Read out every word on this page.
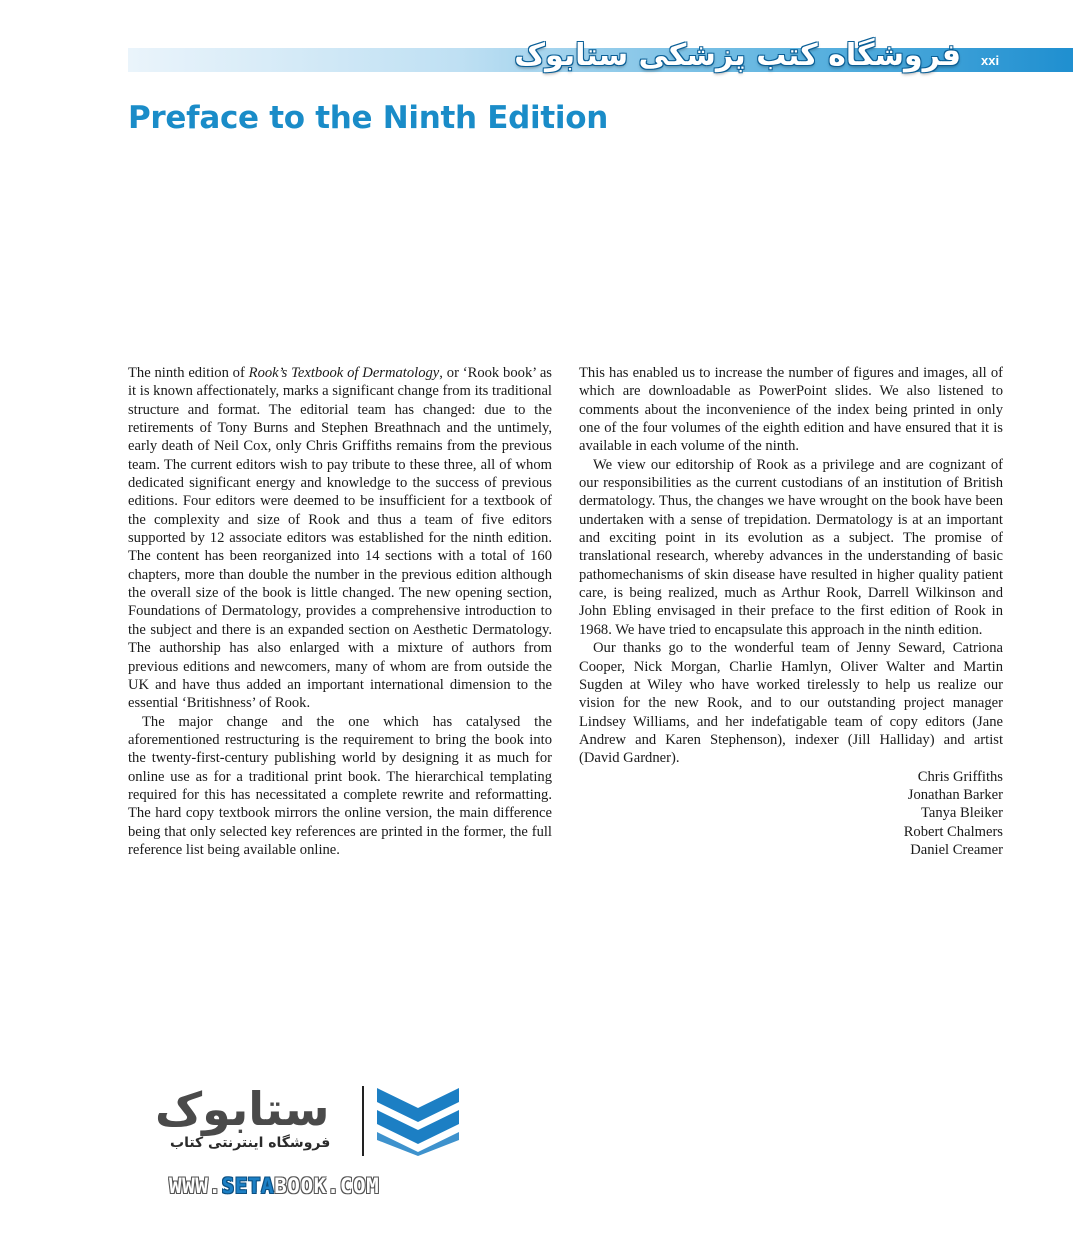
فروشگاه کتب پزشکی ستابوک xxi
Preface to the Ninth Edition

The ninth edition of Rook’s Textbook of Dermatology, or ‘Rook book’ as it is known affectionately, marks a significant change from its traditional structure and format. The editorial team has changed: due to the retirements of Tony Burns and Stephen Breathnach and the untimely, early death of Neil Cox, only Chris Griffiths remains from the previous team. The current editors wish to pay tribute to these three, all of whom dedicated significant energy and knowledge to the success of previous editions. Four editors were deemed to be insufficient for a textbook of the complexity and size of Rook and thus a team of five editors supported by 12 associate editors was established for the ninth edition. The content has been reorganized into 14 sections with a total of 160 chapters, more than double the number in the previous edition although the overall size of the book is little changed. The new opening section, Foundations of Dermatology, provides a comprehensive introduction to the subject and there is an expanded section on Aesthetic Dermatology. The authorship has also enlarged with a mixture of authors from previous editions and newcomers, many of whom are from outside the UK and have thus added an important international dimension to the essential ‘Britishness’ of Rook.

The major change and the one which has catalysed the aforementioned restructuring is the requirement to bring the book into the twenty-first-century publishing world by designing it as much for online use as for a traditional print book. The hierarchical templating required for this has necessitated a complete rewrite and reformatting. The hard copy textbook mirrors the online version, the main difference being that only selected key references are printed in the former, the full reference list being available online.

This has enabled us to increase the number of figures and images, all of which are downloadable as PowerPoint slides. We also listened to comments about the inconvenience of the index being printed in only one of the four volumes of the eighth edition and have ensured that it is available in each volume of the ninth.

We view our editorship of Rook as a privilege and are cognizant of our responsibilities as the current custodians of an institution of British dermatology. Thus, the changes we have wrought on the book have been undertaken with a sense of trepidation. Dermatology is at an important and exciting point in its evolution as a subject. The promise of translational research, whereby advances in the understanding of basic pathomechanisms of skin disease have resulted in higher quality patient care, is being realized, much as Arthur Rook, Darrell Wilkinson and John Ebling envisaged in their preface to the first edition of Rook in 1968. We have tried to encapsulate this approach in the ninth edition.

Our thanks go to the wonderful team of Jenny Seward, Catriona Cooper, Nick Morgan, Charlie Hamlyn, Oliver Walter and Martin Sugden at Wiley who have worked tirelessly to help us realize our vision for the new Rook, and to our outstanding project manager Lindsey Williams, and her indefatigable team of copy editors (Jane Andrew and Karen Stephenson), indexer (Jill Halliday) and artist (David Gardner).

Chris Griffiths
Jonathan Barker
Tanya Bleiker
Robert Chalmers
Daniel Creamer
ستابوک
فروشگاه اینترنتی کتاب
WWW.SETABOOK.COM
